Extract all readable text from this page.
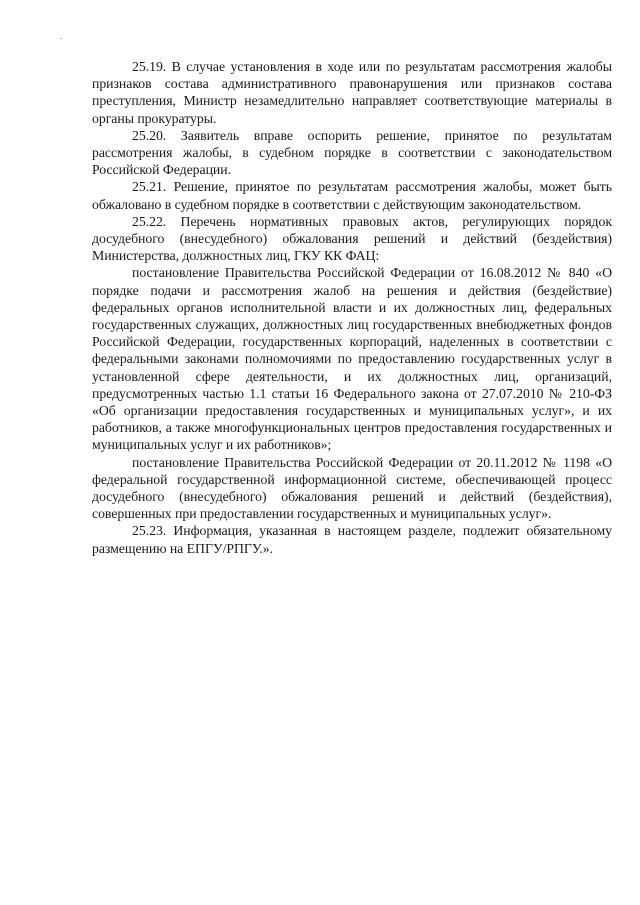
25.19. В случае установления в ходе или по результатам рассмотрения жалобы признаков состава административного правонарушения или признаков состава преступления, Министр незамедлительно направляет соответствующие материалы в органы прокуратуры.

25.20. Заявитель вправе оспорить решение, принятое по результатам рассмотрения жалобы, в судебном порядке в соответствии с законодательством Российской Федерации.

25.21. Решение, принятое по результатам рассмотрения жалобы, может быть обжаловано в судебном порядке в соответствии с действующим законодательством.

25.22. Перечень нормативных правовых актов, регулирующих порядок досудебного (внесудебного) обжалования решений и действий (бездействия) Министерства, должностных лиц, ГКУ КК ФАЦ:

постановление Правительства Российской Федерации от 16.08.2012 № 840 «О порядке подачи и рассмотрения жалоб на решения и действия (бездействие) федеральных органов исполнительной власти и их должностных лиц, федеральных государственных служащих, должностных лиц государственных внебюджетных фондов Российской Федерации, государственных корпораций, наделенных в соответствии с федеральными законами полномочиями по предоставлению государственных услуг в установленной сфере деятельности, и их должностных лиц, организаций, предусмотренных частью 1.1 статьи 16 Федерального закона от 27.07.2010 № 210-ФЗ «Об организации предоставления государственных и муниципальных услуг», и их работников, а также многофункциональных центров предоставления государственных и муниципальных услуг и их работников»;

постановление Правительства Российской Федерации от 20.11.2012 № 1198 «О федеральной государственной информационной системе, обеспечивающей процесс досудебного (внесудебного) обжалования решений и действий (бездействия), совершенных при предоставлении государственных и муниципальных услуг».

25.23. Информация, указанная в настоящем разделе, подлежит обязательному размещению на ЕПГУ/РПГУ.».
